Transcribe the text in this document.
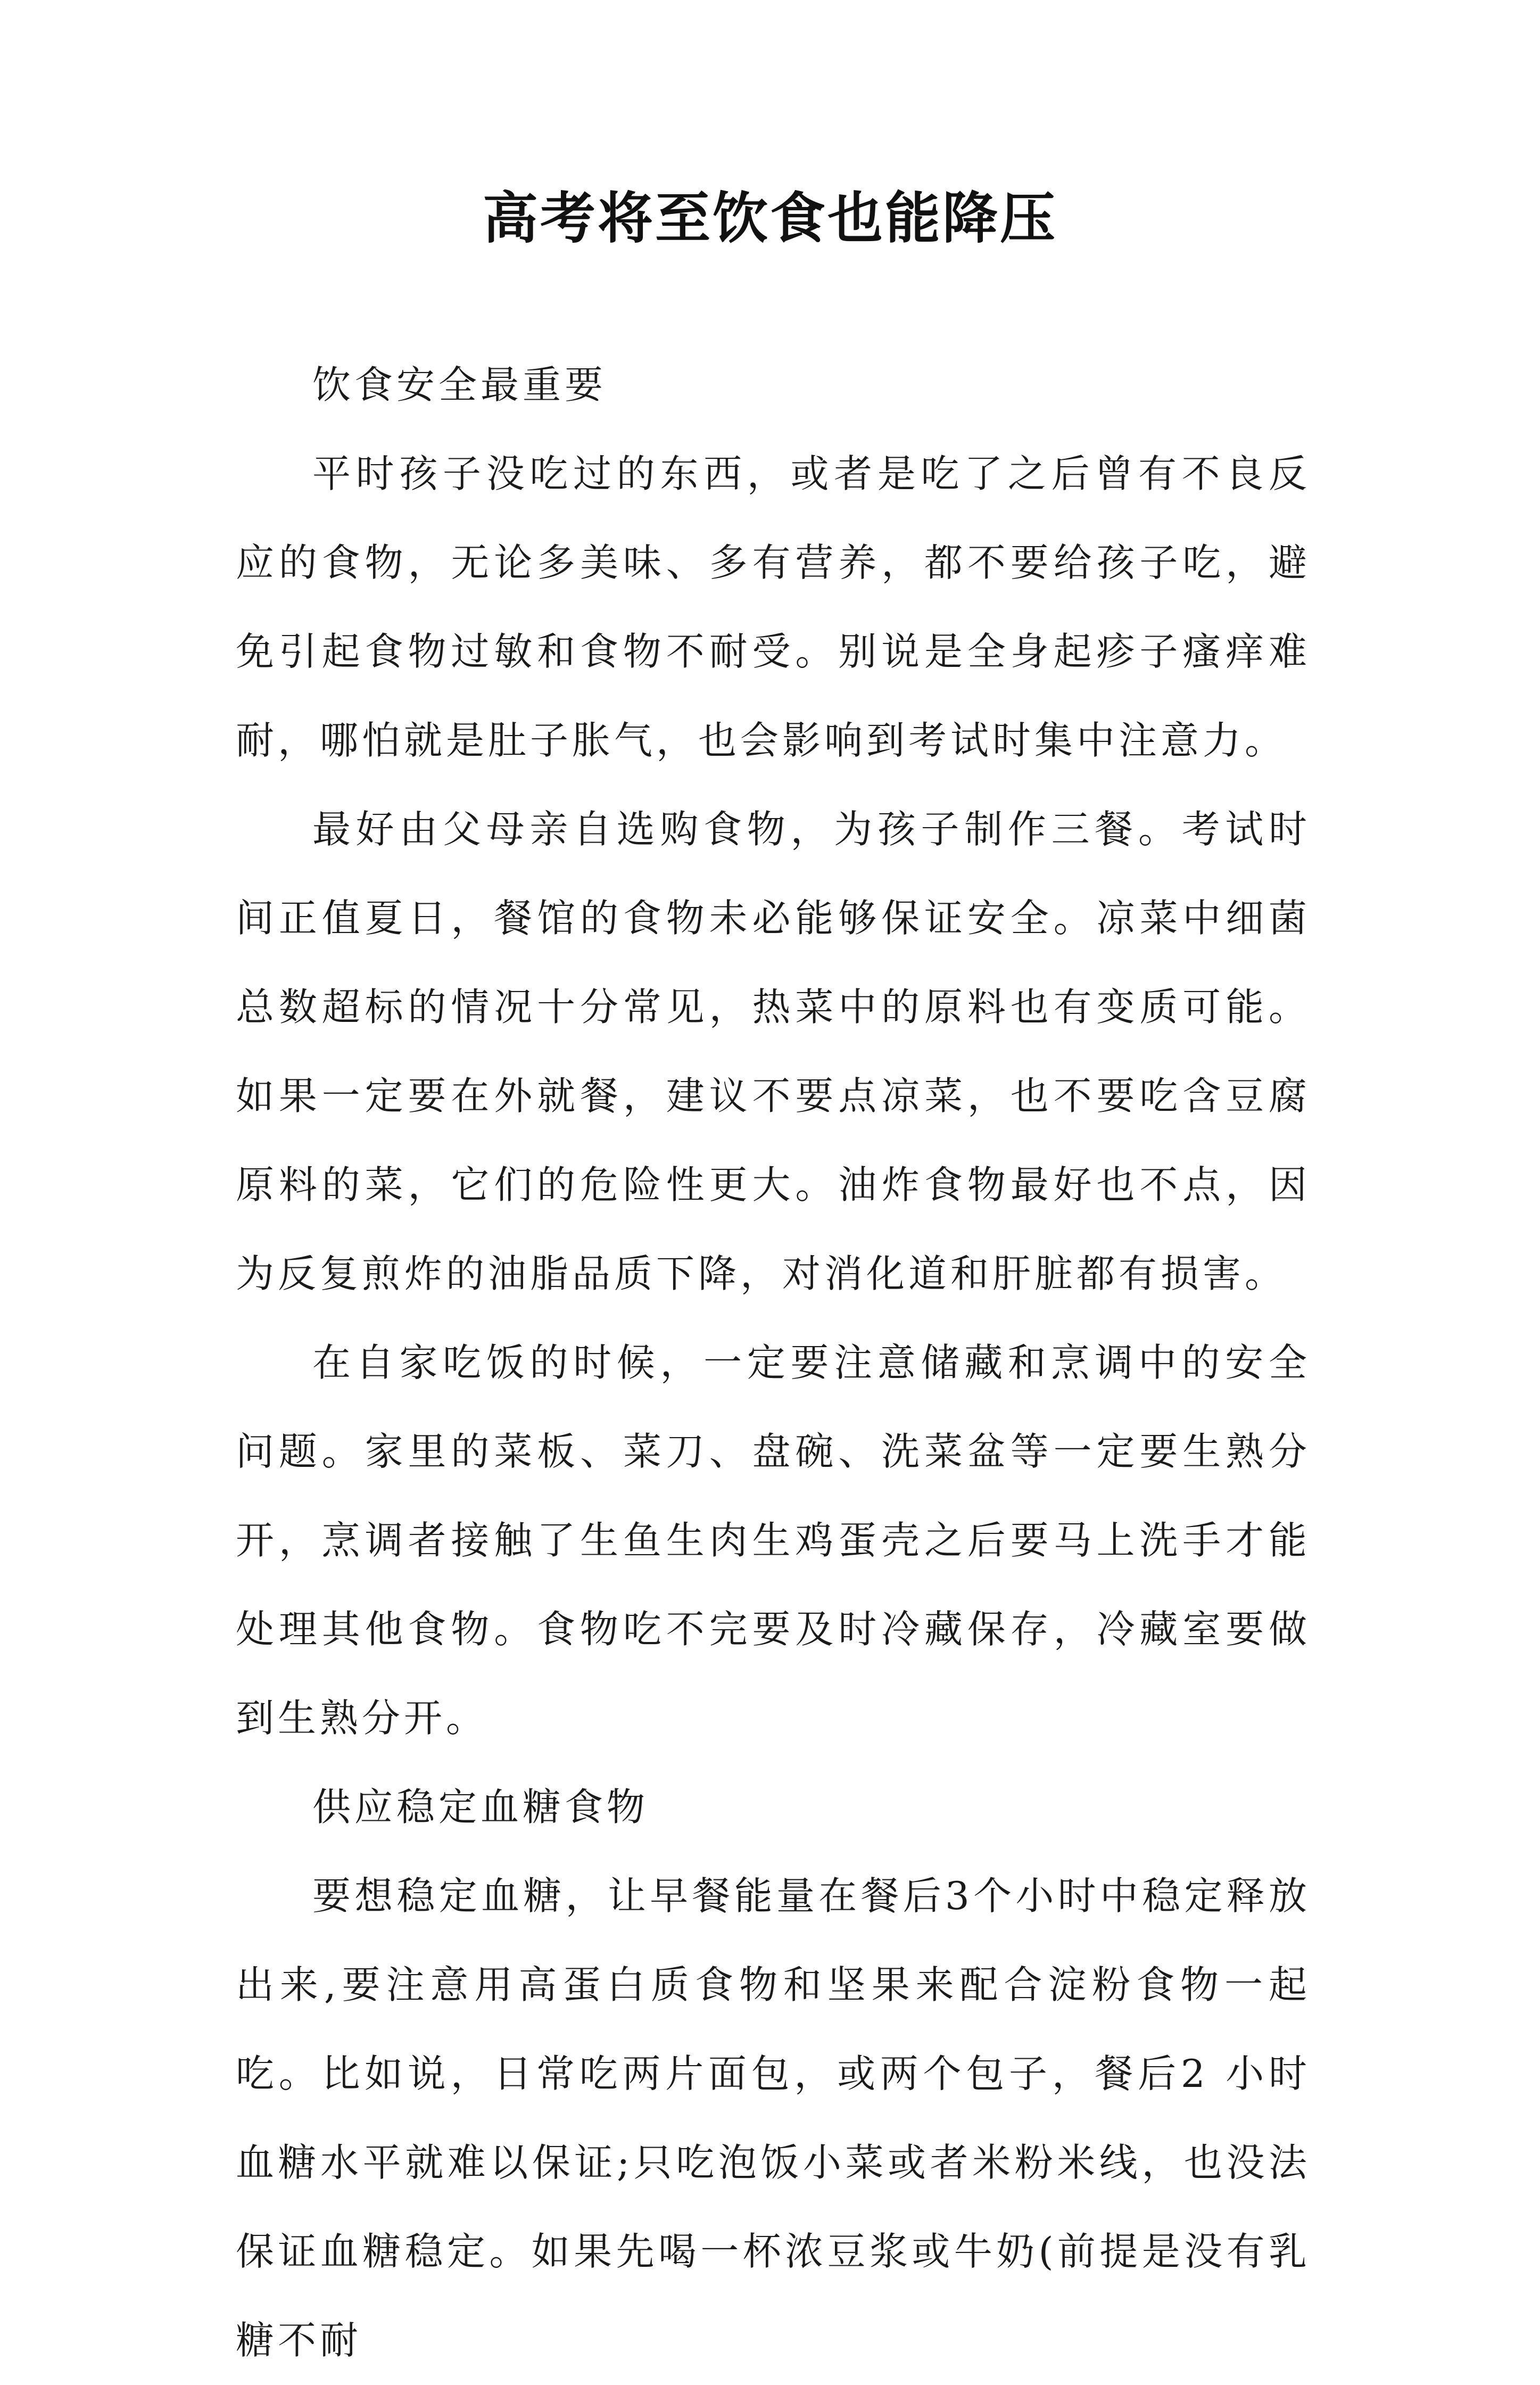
高考将至饮食也能降压

饮食安全最重要

平时孩子没吃过的东西，或者是吃了之后曾有不良反应的食物，无论多美味、多有营养，都不要给孩子吃，避免引起食物过敏和食物不耐受。别说是全身起疹子瘙痒难耐，哪怕就是肚子胀气，也会影响到考试时集中注意力。

最好由父母亲自选购食物，为孩子制作三餐。考试时间正值夏日，餐馆的食物未必能够保证安全。凉菜中细菌总数超标的情况十分常见，热菜中的原料也有变质可能。如果一定要在外就餐，建议不要点凉菜，也不要吃含豆腐原料的菜，它们的危险性更大。油炸食物最好也不点，因为反复煎炸的油脂品质下降，对消化道和肝脏都有损害。

在自家吃饭的时候，一定要注意储藏和烹调中的安全问题。家里的菜板、菜刀、盘碗、洗菜盆等一定要生熟分开，烹调者接触了生鱼生肉生鸡蛋壳之后要马上洗手才能处理其他食物。食物吃不完要及时冷藏保存，冷藏室要做到生熟分开。

供应稳定血糖食物

要想稳定血糖，让早餐能量在餐后3个小时中稳定释放出来,要注意用高蛋白质食物和坚果来配合淀粉食物一起吃。比如说，日常吃两片面包，或两个包子，餐后2 小时血糖水平就难以保证;只吃泡饭小菜或者米粉米线，也没法保证血糖稳定。如果先喝一杯浓豆浆或牛奶(前提是没有乳糖不耐
